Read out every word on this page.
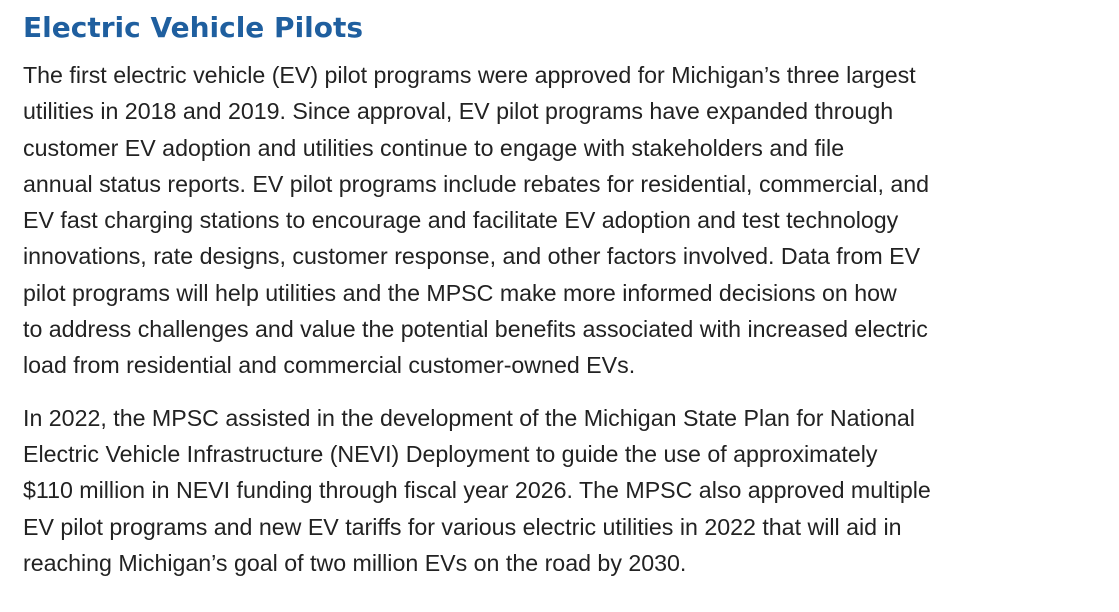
Electric Vehicle Pilots

The first electric vehicle (EV) pilot programs were approved for Michigan’s three largest
utilities in 2018 and 2019. Since approval, EV pilot programs have expanded through
customer EV adoption and utilities continue to engage with stakeholders and file
annual status reports. EV pilot programs include rebates for residential, commercial, and
EV fast charging stations to encourage and facilitate EV adoption and test technology
innovations, rate designs, customer response, and other factors involved. Data from EV
pilot programs will help utilities and the MPSC make more informed decisions on how
to address challenges and value the potential benefits associated with increased electric
load from residential and commercial customer-owned EVs.

In 2022, the MPSC assisted in the development of the Michigan State Plan for National
Electric Vehicle Infrastructure (NEVI) Deployment to guide the use of approximately
$110 million in NEVI funding through fiscal year 2026. The MPSC also approved multiple
EV pilot programs and new EV tariffs for various electric utilities in 2022 that will aid in
reaching Michigan’s goal of two million EVs on the road by 2030.
